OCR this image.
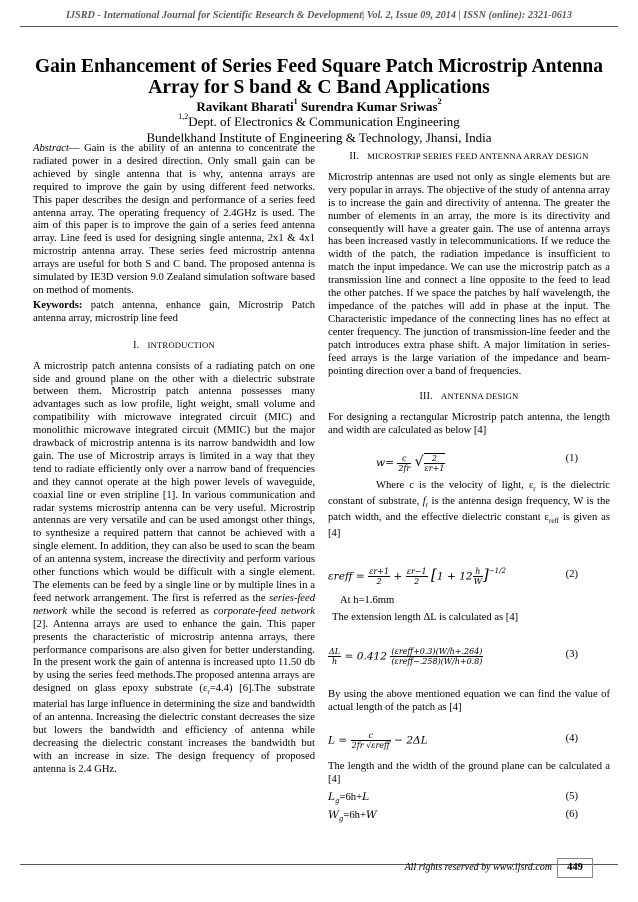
IJSRD - International Journal for Scientific Research & Development| Vol. 2, Issue 09, 2014 | ISSN (online): 2321-0613
Gain Enhancement of Series Feed Square Patch Microstrip Antenna
Array for S band & C Band Applications
Ravikant Bharati$^1$ Surendra Kumar Sriwas$^2$
$^{1,2}$Dept. of Electronics & Communication Engineering
Bundelkhand Institute of Engineering & Technology, Jhansi, India

Abstract— Gain is the ability of an antenna to concentrate the radiated power in a desired direction. Only small gain can be achieved by single antenna that is why, antenna arrays are required to improve the gain by using different feed networks. This paper describes the design and performance of a series feed antenna array. The operating frequency of 2.4GHz is used. The aim of this paper is to improve the gain of a series feed antenna array. Line feed is used for designing single antenna, 2x1 & 4x1 microstrip antenna array. These series feed microstrip antenna arrays are useful for both S and C band. The proposed antenna is simulated by IE3D version 9.0 Zealand simulation software based on method of moments.

Keywords: patch antenna, enhance gain, Microstrip Patch antenna array, microstrip line feed

I. INTRODUCTION

A microstrip patch antenna consists of a radiating patch on one side and ground plane on the other with a dielectric substrate between them. Microstrip patch antenna possesses many advantages such as low profile, light weight, small volume and compatibility with microwave integrated circuit (MIC) and monolithic microwave integrated circuit (MMIC) but the major drawback of microstrip antenna is its narrow bandwidth and low gain. The use of Microstrip arrays is limited in a way that they tend to radiate efficiently only over a narrow band of frequencies and they cannot operate at the high power levels of waveguide, coaxial line or even stripline [1]. In various communication and radar systems microstrip antenna can be very useful. Microstrip antennas are very versatile and can be used amongst other things, to synthesize a required pattern that cannot be achieved with a single element. In addition, they can also be used to scan the beam of an antenna system, increase the directivity and perform various other functions which would be difficult with a single element. The elements can be feed by a single line or by multiple lines in a feed network arrangement. The first is referred as the series-feed network while the second is referred as corporate-feed network [2]. Antenna arrays are used to enhance the gain. This paper presents the characteristic of microstrip antenna arrays, there performance comparisons are also given for better understanding. In the present work the gain of antenna is increased upto 11.50 db by using the series feed methods.The proposed antenna arrays are designed on glass epoxy substrate $(\varepsilon_r=4.4)$ [6].The substrate material has large influence in determining the size and bandwidth of an antenna. Increasing the dielectric constant decreases the size but lowers the bandwidth and efficiency of antenna while decreasing the dielectric constant increases the bandwidth but with an increase in size. The design frequency of proposed antenna is 2.4 GHz.

II. MICROSTRIP SERIES FEED ANTENNA ARRAY DESIGN

Microstrip antennas are used not only as single elements but are very popular in arrays. The objective of the study of antenna array is to increase the gain and directivity of antenna. The greater the number of elements in an array, the more is its directivity and consequently will have a greater gain. The use of antenna arrays has been increased vastly in telecommunications. If we reduce the width of the patch, the radiation impedance is insufficient to match the input impedance. We can use the microstrip patch as a transmission line and connect a line opposite to the feed to lead the other patches. If we space the patches by half wavelength, the impedance of the patches will add in phase at the input. The Characteristic impedance of the connecting lines has no effect at center frequency. The junction of transmission-line feeder and the patch introduces extra phase shift. A major limitation in series-feed arrays is the large variation of the impedance and beam-pointing direction over a band of frequencies.

III. ANTENNA DESIGN

For designing a rectangular Microstrip patch antenna, the length and width are calculated as below [4]

$w= \frac{c}{2fr}$ √ $\frac{2}{\varepsilon r+1}$	(1)

Where c is the velocity of light, $\varepsilon_r$ is the dielectric constant of substrate, $f_r$ is the antenna design frequency, W is the patch width, and the effective dielectric constant $\varepsilon_{reff}$ is given as [4]

εreff = $\frac{\varepsilon r+1}{2} + \frac{\varepsilon r-1}{2} [1 + 12 \frac{h}{W} ]^{-1/2}$	(2)

At h=1.6mm

The extension length ΔL is calculated as [4]

$\frac{\Delta L}{h} = 0.412 \frac{\text{(εreff+0.3)(W/h+.264)}}{\text{(εreff−.258)(W/h+0.8)}}$	(3)

By using the above mentioned equation we can find the value of actual length of the patch as [4]

$L = \frac{c}{\text{2fr √εreff}} - 2\Delta L$	(4)

The length and the width of the ground plane can be calculated a [4]

$L_g=6h+L$	(5)
$W_g=6h+W$	(6)
All rights reserved by www.ijsrd.com	449
